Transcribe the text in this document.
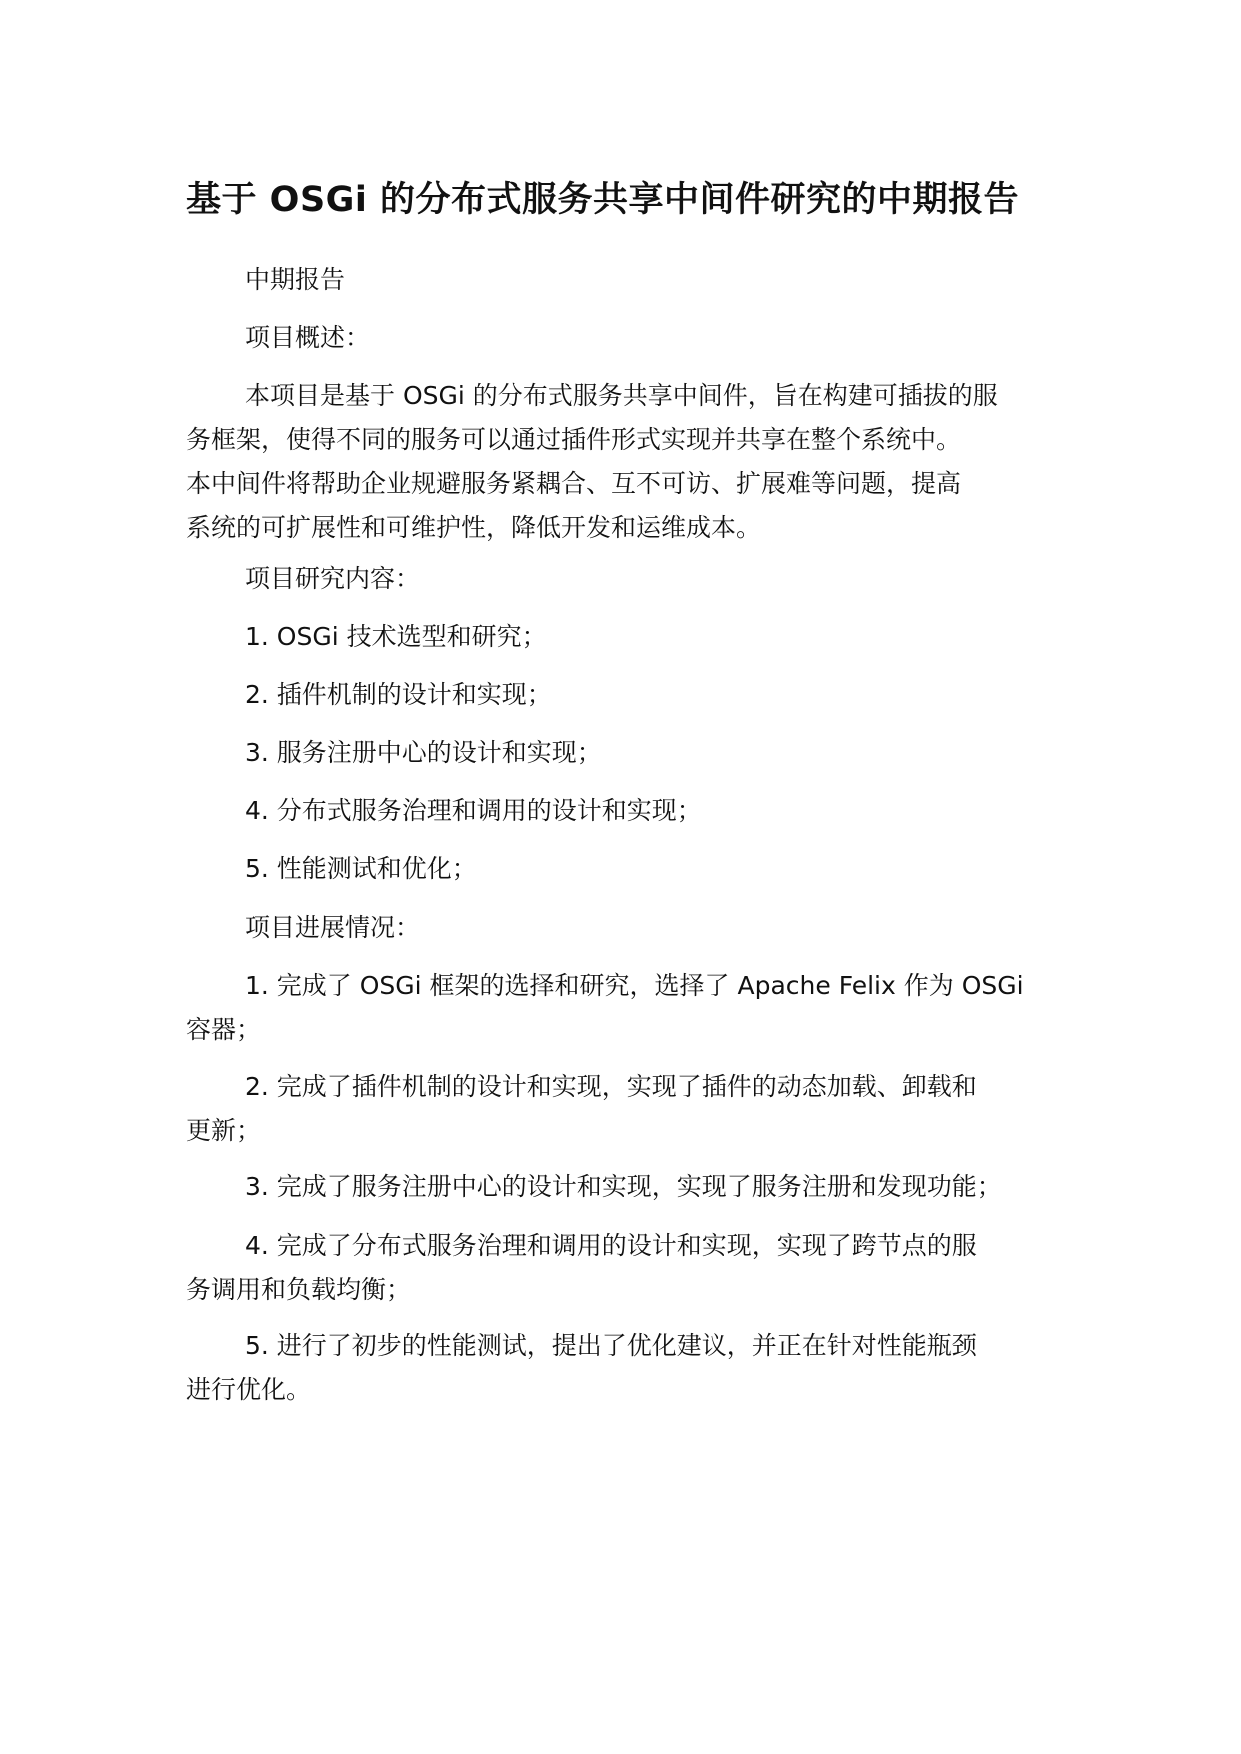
基于 OSGi 的分布式服务共享中间件研究的中期报告

中期报告

项目概述：

本项目是基于 OSGi 的分布式服务共享中间件，旨在构建可插拔的服
务框架，使得不同的服务可以通过插件形式实现并共享在整个系统中。
本中间件将帮助企业规避服务紧耦合、互不可访、扩展难等问题，提高
系统的可扩展性和可维护性，降低开发和运维成本。

项目研究内容：

1. OSGi 技术选型和研究；

2. 插件机制的设计和实现；

3. 服务注册中心的设计和实现；

4. 分布式服务治理和调用的设计和实现；

5. 性能测试和优化；

项目进展情况：

1. 完成了 OSGi 框架的选择和研究，选择了 Apache Felix 作为 OSGi
容器；
2. 完成了插件机制的设计和实现，实现了插件的动态加载、卸载和
更新；
3. 完成了服务注册中心的设计和实现，实现了服务注册和发现功能；
4. 完成了分布式服务治理和调用的设计和实现，实现了跨节点的服
务调用和负载均衡；
5. 进行了初步的性能测试，提出了优化建议，并正在针对性能瓶颈
进行优化。
